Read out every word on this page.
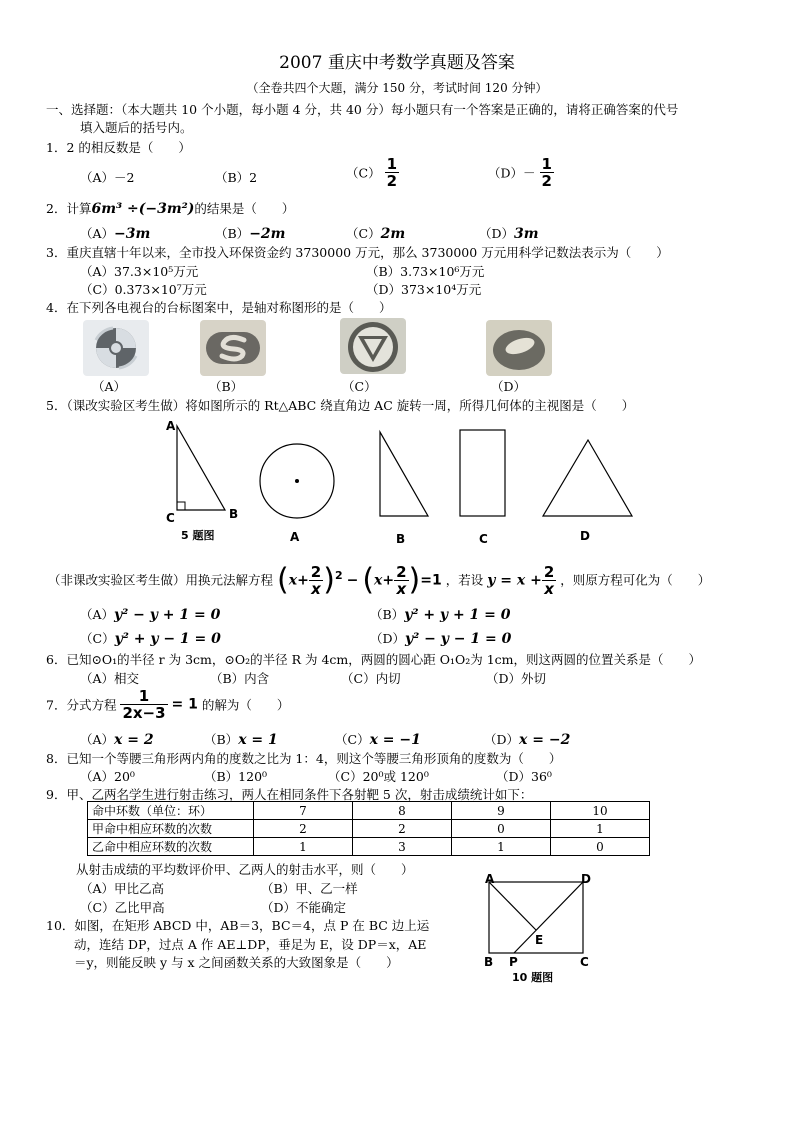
2007 重庆中考数学真题及答案
（全卷共四个大题，满分 150 分，考试时间 120 分钟）
一、选择题：（本大题共 10 个小题，每小题 4 分，共 40 分）每小题只有一个答案是正确的，请将正确答案的代号
填入题后的括号内。
1．2 的相反数是（　　）
（A）－2	（B）2	$(C) \frac{1}{2}$	$(D)- \frac{1}{2}$
2．计算6m³ ÷(−3m²)的结果是（　　）
（A）−3m	（B）−2m	（C）2m	（D）3m
3．重庆直辖十年以来，全市投入环保资金约 3730000 万元，那么 3730000 万元用科学记数法表示为（　　）
（A）37.3×10⁵万元	（B）3.73×10⁶万元
（C）0.373×10⁷万元	（D）373×10⁴万元
4．在下列各电视台的台标图案中，是轴对称图形的是（　　）
（A）	（B）	（C）	（D）
5．（课改实验区考生做）将如图所示的 Rt△ABC 绕直角边 AC 旋转一周，所得几何体的主视图是（　　）
A
C	B
5 题图	A	B	C	D
（非课改实验区考生做）用换元法解方程 $(x+ \frac{2}{x} )^2 - (x+ \frac{2}{x} )=1$ ，若设 $y = x + \frac{2}{x}$ ，则原方程可化为（　　）
（A）y² − y + 1 = 0	（B）y² + y + 1 = 0
（C）y² + y − 1 = 0	（D）y² − y − 1 = 0
6．已知⊙O₁的半径 r 为 3cm，⊙O₂的半径 R 为 4cm，两圆的圆心距 O₁O₂为 1cm，则这两圆的位置关系是（　　）
（A）相交	（B）内含	（C）内切	（D）外切
7．分式方程 $\frac{1}{2x-3} = 1$ 的解为（　　）
（A）x = 2	（B）x = 1	（C）x = −1	（D）x = −2
8．已知一个等腰三角形两内角的度数之比为 1：4，则这个等腰三角形顶角的度数为（　　）
（A）20⁰	（B）120⁰	（C）20⁰或 120⁰	（D）36⁰
9．甲、乙两名学生进行射击练习，两人在相同条件下各射靶 5 次，射击成绩统计如下：
命中环数（单位：环）	7	8	9	10
甲命中相应环数的次数	2	2	0	1
乙命中相应环数的次数	1	3	1	0
从射击成绩的平均数评价甲、乙两人的射击水平，则（　　）
（A）甲比乙高	（B）甲、乙一样
（C）乙比甲高	（D）不能确定
10．如图，在矩形 ABCD 中，AB＝3，BC＝4，点 P 在 BC 边上运
动，连结 DP，过点 A 作 AE⊥DP，垂足为 E，设 DP＝x，AE
＝y，则能反映 y 与 x 之间函数关系的大致图象是（　　）
A	D
E
B P	C
10 题图
